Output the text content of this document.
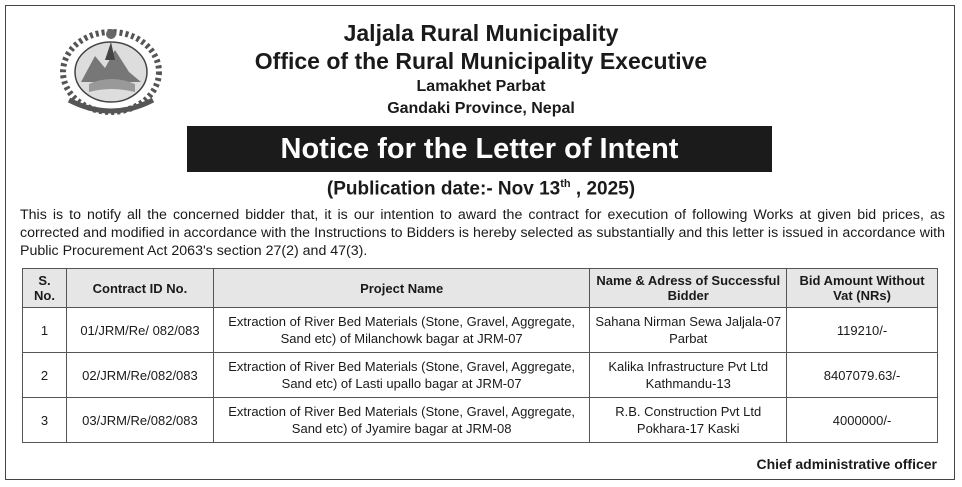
Jaljala Rural Municipality
Office of the Rural Municipality Executive
Lamakhet Parbat
Gandaki Province, Nepal
Notice for the Letter of Intent
(Publication date:- Nov 13th , 2025)
This is to notify all the concerned bidder that, it is our intention to award the contract for execution of following Works at given bid prices, as corrected and modified in accordance with the Instructions to Bidders is hereby selected as substantially and this letter is issued in accordance with Public Procurement Act 2063's section 27(2) and 47(3).
S. No.	Contract ID No.	Project Name	Name & Adress of Successful Bidder	Bid Amount Without Vat (NRs)
1	01/JRM/Re/ 082/083	Extraction of River Bed Materials (Stone, Gravel, Aggregate, Sand etc) of Milanchowk bagar at JRM-07	Sahana Nirman Sewa Jaljala-07 Parbat	119210/-
2	02/JRM/Re/082/083	Extraction of River Bed Materials (Stone, Gravel, Aggregate, Sand etc) of Lasti upallo bagar at JRM-07	Kalika Infrastructure Pvt Ltd Kathmandu-13	8407079.63/-
3	03/JRM/Re/082/083	Extraction of River Bed Materials (Stone, Gravel, Aggregate, Sand etc) of Jyamire bagar at JRM-08	R.B. Construction Pvt Ltd Pokhara-17 Kaski	4000000/-
Chief administrative officer
